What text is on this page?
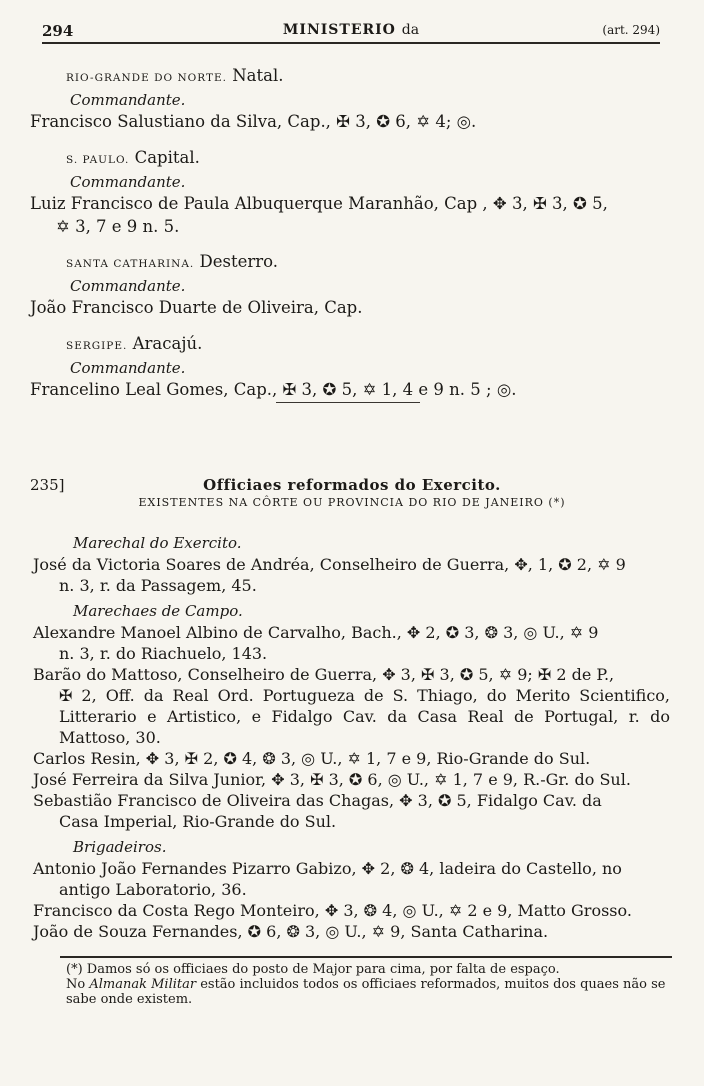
294	MINISTERIO da	(art. 294)
RIO-GRANDE DO NORTE. Natal.
Commandante.
Francisco Salustiano da Silva, Cap., ✠ 3, ✪ 6, ✡ 4; ◎.
S. PAULO. Capital.
Commandante.
Luiz Francisco de Paula Albuquerque Maranhão, Cap , ✥ 3, ✠ 3, ✪ 5,
✡ 3, 7 e 9 n. 5.
SANTA CATHARINA. Desterro.
Commandante.
João Francisco Duarte de Oliveira, Cap.
SERGIPE. Aracajú.
Commandante.
Francelino Leal Gomes, Cap., ✠ 3, ✪ 5, ✡ 1, 4 e 9 n. 5 ; ◎.
235]	Officiaes reformados do Exercito.
EXISTENTES NA CÔRTE OU PROVINCIA DO RIO DE JANEIRO (*)
Marechal do Exercito.
José da Victoria Soares de Andréa, Conselheiro de Guerra, ✥, 1, ✪ 2, ✡ 9
n. 3, r. da Passagem, 45.
Marechaes de Campo.
Alexandre Manoel Albino de Carvalho, Bach., ✥ 2, ✪ 3, ❂ 3, ◎ U., ✡ 9
n. 3, r. do Riachuelo, 143.
Barão do Mattoso, Conselheiro de Guerra, ✥ 3, ✠ 3, ✪ 5, ✡ 9; ✠ 2 de P.,
✠ 2, Off. da Real Ord. Portugueza de S. Thiago, do Merito Scientifico, Litterario e Artistico, e Fidalgo Cav. da Casa Real de Portugal, r. do Mattoso, 30.
Carlos Resin, ✥ 3, ✠ 2, ✪ 4, ❂ 3, ◎ U., ✡ 1, 7 e 9, Rio-Grande do Sul.
José Ferreira da Silva Junior, ✥ 3, ✠ 3, ✪ 6, ◎ U., ✡ 1, 7 e 9, R.-Gr. do Sul.
Sebastião Francisco de Oliveira das Chagas, ✥ 3, ✪ 5, Fidalgo Cav. da
Casa Imperial, Rio-Grande do Sul.
Brigadeiros.
Antonio João Fernandes Pizarro Gabizo, ✥ 2, ❂ 4, ladeira do Castello, no
antigo Laboratorio, 36.
Francisco da Costa Rego Monteiro, ✥ 3, ❂ 4, ◎ U., ✡ 2 e 9, Matto Grosso.
João de Souza Fernandes, ✪ 6, ❂ 3, ◎ U., ✡ 9, Santa Catharina.
(*) Damos só os officiaes do posto de Major para cima, por falta de espaço.
No Almanak Militar estão incluidos todos os officiaes reformados, muitos dos quaes não se sabe onde existem.
